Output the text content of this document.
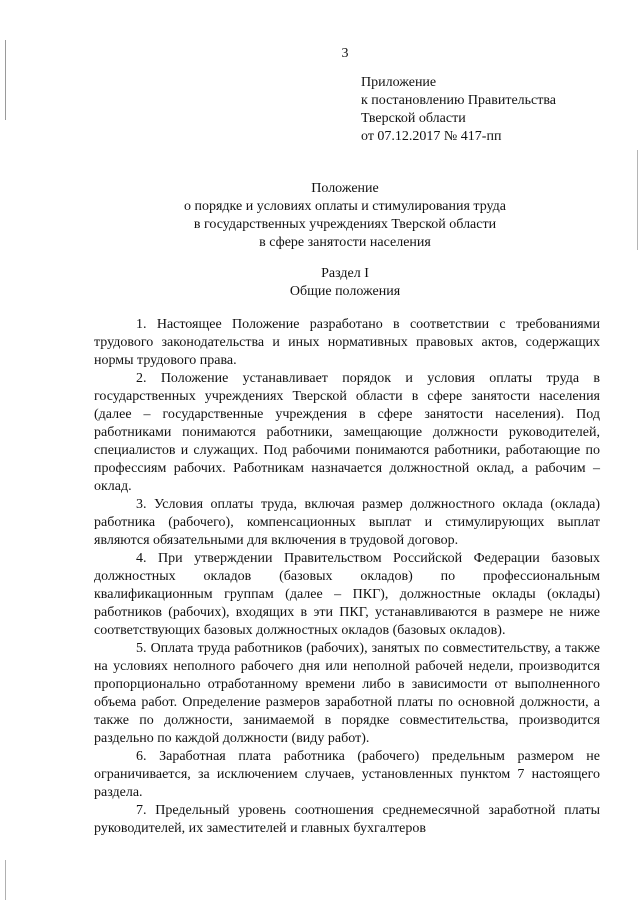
3
Приложение
к постановлению Правительства
Тверской области
от 07.12.2017 № 417-пп
Положение
о порядке и условиях оплаты и стимулирования труда
в государственных учреждениях Тверской области
в сфере занятости населения
Раздел I
Общие положения

1. Настоящее Положение разработано в соответствии с требованиями трудового законодательства и иных нормативных правовых актов, содержащих нормы трудового права.

2. Положение устанавливает порядок и условия оплаты труда в государственных учреждениях Тверской области в сфере занятости населения (далее – государственные учреждения в сфере занятости населения). Под работниками понимаются работники, замещающие должности руководителей, специалистов и служащих. Под рабочими понимаются работники, работающие по профессиям рабочих. Работникам назначается должностной оклад, а рабочим – оклад.

3. Условия оплаты труда, включая размер должностного оклада (оклада) работника (рабочего), компенсационных выплат и стимулирующих выплат являются обязательными для включения в трудовой договор.

4. При утверждении Правительством Российской Федерации базовых должностных окладов (базовых окладов) по профессиональным квалификационным группам (далее – ПКГ), должностные оклады (оклады) работников (рабочих), входящих в эти ПКГ, устанавливаются в размере не ниже соответствующих базовых должностных окладов (базовых окладов).

5. Оплата труда работников (рабочих), занятых по совместительству, а также на условиях неполного рабочего дня или неполной рабочей недели, производится пропорционально отработанному времени либо в зависимости от выполненного объема работ. Определение размеров заработной платы по основной должности, а также по должности, занимаемой в порядке совместительства, производится раздельно по каждой должности (виду работ).

6. Заработная плата работника (рабочего) предельным размером не ограничивается, за исключением случаев, установленных пунктом 7 настоящего раздела.

7. Предельный уровень соотношения среднемесячной заработной платы руководителей, их заместителей и главных бухгалтеров
